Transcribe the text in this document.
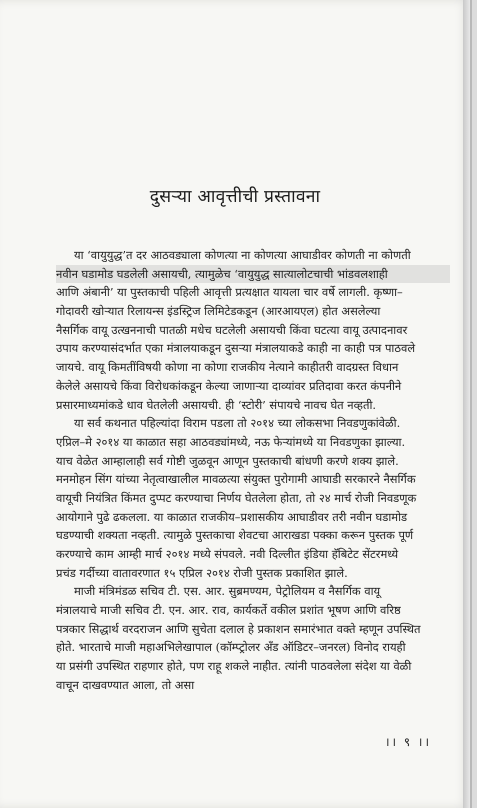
दुसऱ्या आवृत्तीची प्रस्तावना
या ‘वायुयुद्ध’त दर आठवड्याला कोणत्या ना कोणत्या आघाडीवर कोणती ना कोणती
नवीन घडामोड घडलेली असायची, त्यामुळेच ‘वायुयुद्ध सात्यालोटचाची भांडवलशाही
आणि अंबानी’ या पुस्तकाची पहिली आवृत्ती प्रत्यक्षात यायला चार वर्षे लागली. कृष्णा–
गोदावरी खोऱ्यात रिलायन्स इंडस्ट्रिज लिमिटेडकडून (आरआयएल) होत असलेल्या
नैसर्गिक वायू उत्खननाची पातळी मधेच घटलेली असायची किंवा घटत्या वायू उत्पादनावर
उपाय करण्यासंदर्भात एका मंत्रालयाकडून दुसऱ्या मंत्रालयाकडे काही ना काही पत्र पाठवले
जायचे. वायू किमतींविषयी कोणा ना कोणा राजकीय नेत्याने काहीतरी वादग्रस्त विधान
केलेले असायचे किंवा विरोधकांकडून केल्या जाणाऱ्या दाव्यांवर प्रतिदावा करत कंपनीने
प्रसारमाध्यमांकडे धाव घेतलेली असायची. ही ‘स्टोरी’ संपायचे नावच घेत नव्हती.
या सर्व कथनात पहिल्यांदा विराम पडला तो २०१४ च्या लोकसभा निवडणुकांवेळी.
एप्रिल–मे २०१४ या काळात सहा आठवड्यांमध्ये, नऊ फेऱ्यांमध्ये या निवडणुका झाल्या.
याच वेळेत आम्हालाही सर्व गोष्टी जुळवून आणून पुस्तकाची बांधणी करणे शक्य झाले.
मनमोहन सिंग यांच्या नेतृत्वाखालील मावळत्या संयुक्त पुरोगामी आघाडी सरकारने नैसर्गिक
वायूची नियंत्रित किंमत दुप्पट करण्याचा निर्णय घेतलेला होता, तो २४ मार्च रोजी निवडणूक
आयोगाने पुढे ढकलला. या काळात राजकीय–प्रशासकीय आघाडीवर तरी नवीन घडामोड
घडण्याची शक्यता नव्हती. त्यामुळे पुस्तकाचा शेवटचा आराखडा पक्का करून पुस्तक पूर्ण
करण्याचे काम आम्ही मार्च २०१४ मध्ये संपवले. नवी दिल्लीत इंडिया हॅबिटेट सेंटरमध्ये
प्रचंड गर्दीच्या वातावरणात १५ एप्रिल २०१४ रोजी पुस्तक प्रकाशित झाले.
माजी मंत्रिमंडळ सचिव टी. एस. आर. सुब्रमण्यम, पेट्रोलियम व नैसर्गिक वायू
मंत्रालयाचे माजी सचिव टी. एन. आर. राव, कार्यकर्ते वकील प्रशांत भूषण आणि वरिष्ठ
पत्रकार सिद्धार्थ वरदराजन आणि सुचेता दलाल हे प्रकाशन समारंभात वक्ते म्हणून उपस्थित
होते. भारताचे माजी महाअभिलेखापाल (कॉम्प्ट्रोलर अँड ऑडिटर–जनरल) विनोद रायही
या प्रसंगी उपस्थित राहणार होते, पण राहू शकले नाहीत. त्यांनी पाठवलेला संदेश या वेळी
वाचून दाखवण्यात आला, तो असा
।। ९ ।।
